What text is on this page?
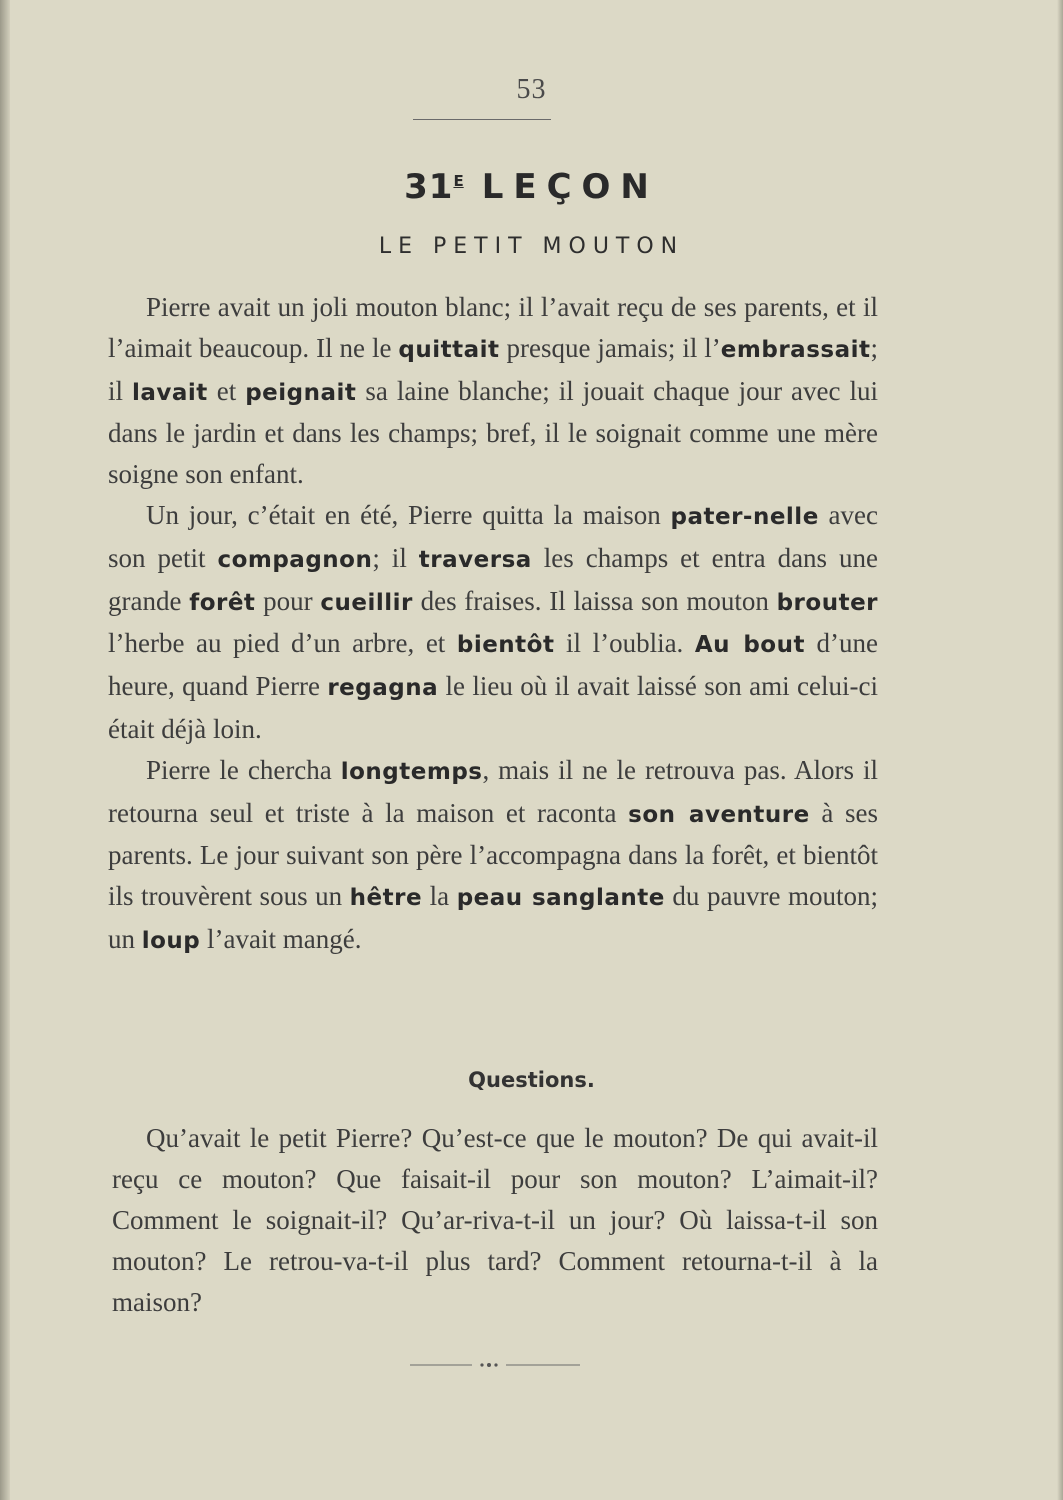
53
$31^E$ LEÇON
LE PETIT MOUTON

Pierre avait un joli mouton blanc; il l’avait reçu de ses parents, et il l’aimait beaucoup. Il ne le quittait presque jamais; il l’embrassait; il lavait et peignait sa laine blanche; il jouait chaque jour avec lui dans le jardin et dans les champs; bref, il le soignait comme une mère soigne son enfant.

Un jour, c’était en été, Pierre quitta la maison pater-nelle avec son petit compagnon; il traversa les champs et entra dans une grande forêt pour cueillir des fraises. Il laissa son mouton brouter l’herbe au pied d’un arbre, et bientôt il l’oublia. Au bout d’une heure, quand Pierre regagna le lieu où il avait laissé son ami celui-ci était déjà loin.

Pierre le chercha longtemps, mais il ne le retrouva pas. Alors il retourna seul et triste à la maison et raconta son aventure à ses parents. Le jour suivant son père l’accompagna dans la forêt, et bientôt ils trouvèrent sous un hêtre la peau sanglante du pauvre mouton; un loup l’avait mangé.

Questions.

Qu’avait le petit Pierre? Qu’est-ce que le mouton? De qui avait-il reçu ce mouton? Que faisait-il pour son mouton? L’aimait-il? Comment le soignait-il? Qu’ar-riva-t-il un jour? Où laissa-t-il son mouton? Le retrou-va-t-il plus tard? Comment retourna-t-il à la maison?
